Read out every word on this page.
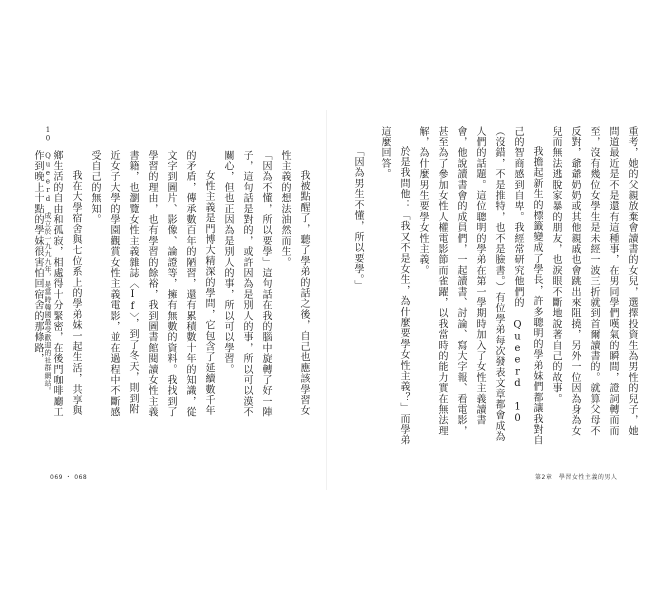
10 Queerd 成立於一九九九年，是當時韓國最受歡迎的社群網站。	我被點醒了，聽了學弟的話之後，自己也應該學習女性主義的想法油然而生。

「因為不懂，所以要學」這句話在我的腦中旋轉了好一陣子，這句話是對的，或許因為是別人的事，所以可以漠不關心，但也正因為是別人的事，所以可以學習。

女性主義是門博大精深的學問，它包含了延續數千年的矛盾，傳承數百年的陋習，還有累積數十年的知識，從文字到圖片、影像、論證等，擁有無數的資料。我找到了學習的理由，也有學習的餘裕，我到圖書館閱讀女性主義書籍，也瀏覽女性主義雜誌〈If〉，到了冬天，則到附近女子大學的學園觀賞女性主義電影，並在過程中不斷感受自己的無知。

我在大學宿舍與七位系上的學弟妹一起生活，共享與鄉生活的自由和孤寂，相處得十分緊密，在後門咖啡廳工作到晚上十點的學妹很害怕回宿舍的那條路，

069 ・ 068

重考，她的父親放棄會讀書的女兒，選擇投資生為男性的兒子，她問道最近是不是還有這種事，在男同學們嘆氣的瞬間，證詞轉而而至，沒有幾位女學生是未經一波三折就到首爾讀書的。就算父母不反對，爺爺奶奶或其他親戚也會跳出來阻撓，另外一位因為身為女兒而無法逃脫家暴的朋友，也淚眼不斷地說著自己的故事。

我擔起新生的標籤變成了學長，許多聰明的學弟妹們都讓我對自己的智商感到自卑。我經常研究他們的 Queerd 10（沒錯，不是推特，也不是臉書。）有位學弟每次發表文章都會成為人們的話題。這位聰明的學弟在第一學期時加入了女性主義讀書會，他說讀書會的成員們，一起讀書、討論、寫大字報、看電影，甚至為了參加女性人權電影節而雀躍，以我當時的能力實在無法理解，為什麼男生要學女性主義。

於是我問他：「我又不是女生，為什麼要學女性主義？」而學弟這麼回答。

「因為男生不懂，所以要學。」

第2章　學習女性主義的男人
